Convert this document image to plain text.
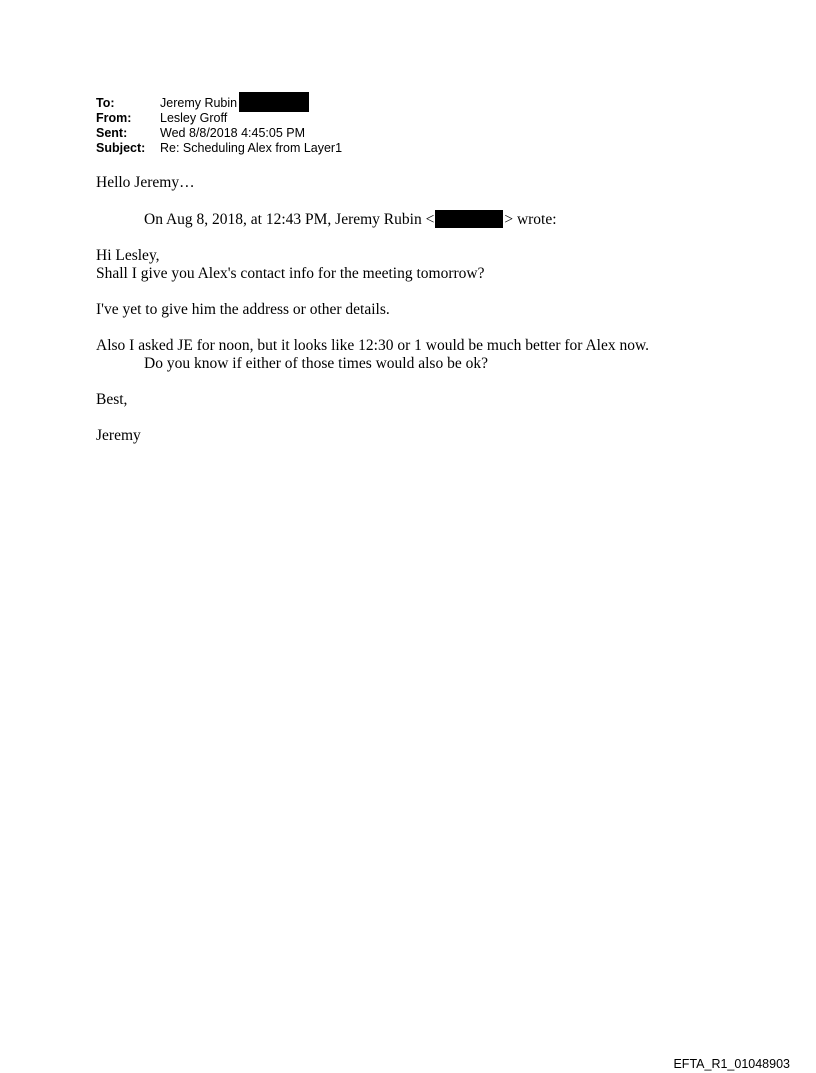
To:	Jeremy Rubin
From:	Lesley Groff
Sent:	Wed 8/8/2018 4:45:05 PM
Subject:	Re: Scheduling Alex from Layer1

Hello Jeremy…

On Aug 8, 2018, at 12:43 PM, Jeremy Rubin <	> wrote:

Hi Lesley,

Shall I give you Alex's contact info for the meeting tomorrow?

I've yet to give him the address or other details.

Also I asked JE for noon, but it looks like 12:30 or 1 would be much better for Alex now.

Do you know if either of those times would also be ok?

Best,

Jeremy

EFTA_R1_01048903
